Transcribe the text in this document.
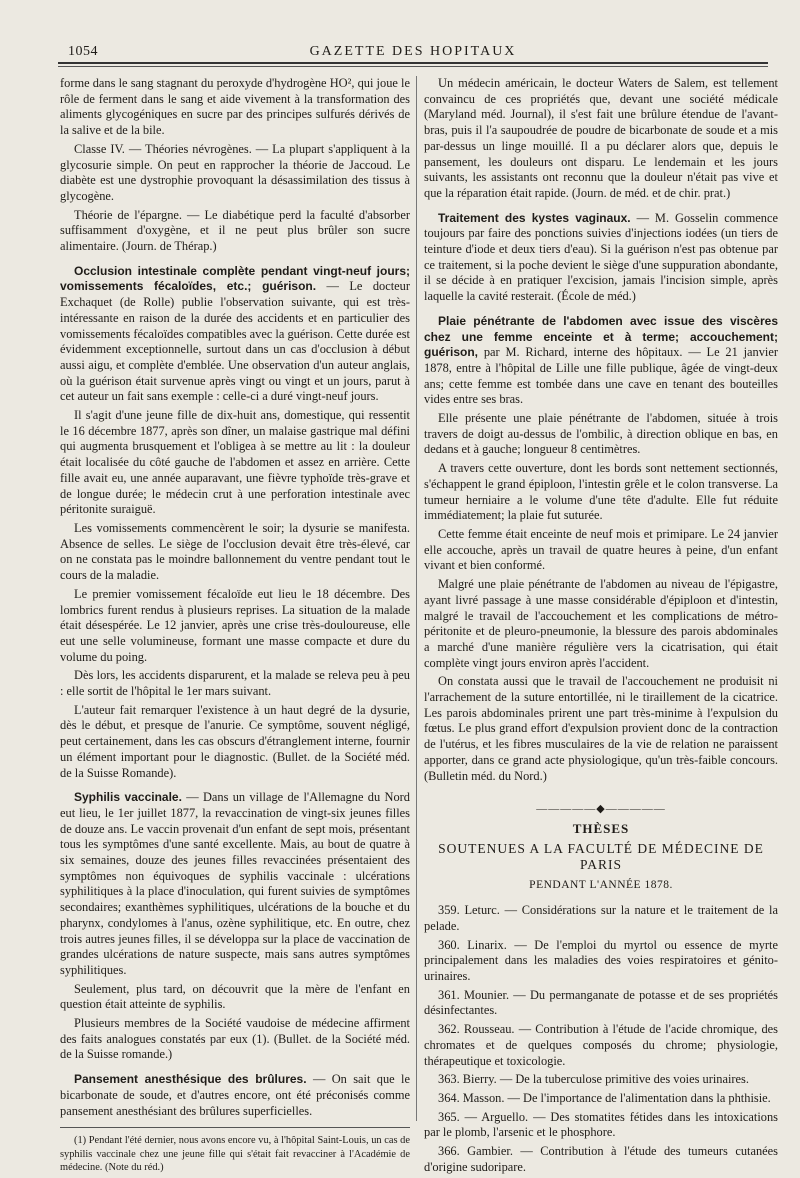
1054	GAZETTE DES HOPITAUX

forme dans le sang stagnant du peroxyde d'hydrogène HO², qui joue le rôle de ferment dans le sang et aide vivement à la transformation des aliments glycogéniques en sucre par des principes sulfurés dérivés de la salive et de la bile.

Classe IV. — Théories névrogènes. — La plupart s'appliquent à la glycosurie simple. On peut en rapprocher la théorie de Jaccoud. Le diabète est une dystrophie provoquant la désassimilation des tissus à glycogène.

Théorie de l'épargne. — Le diabétique perd la faculté d'absorber suffisamment d'oxygène, et il ne peut plus brûler son sucre alimentaire. (Journ. de Thérap.)

Occlusion intestinale complète pendant vingt-neuf jours; vomissements fécaloïdes, etc.; guérison. — Le docteur Exchaquet (de Rolle) publie l'observation suivante, qui est très-intéressante en raison de la durée des accidents et en particulier des vomissements fécaloïdes compatibles avec la guérison. Cette durée est évidemment exceptionnelle, surtout dans un cas d'occlusion à début aussi aigu, et complète d'emblée. Une observation d'un auteur anglais, où la guérison était survenue après vingt ou vingt et un jours, parut à cet auteur un fait sans exemple : celle-ci a duré vingt-neuf jours.

Il s'agit d'une jeune fille de dix-huit ans, domestique, qui ressentit le 16 décembre 1877, après son dîner, un malaise gastrique mal défini qui augmenta brusquement et l'obligea à se mettre au lit : la douleur était localisée du côté gauche de l'abdomen et assez en arrière. Cette fille avait eu, une année auparavant, une fièvre typhoïde très-grave et de longue durée; le médecin crut à une perforation intestinale avec péritonite suraiguë.

Les vomissements commencèrent le soir; la dysurie se manifesta. Absence de selles. Le siège de l'occlusion devait être très-élevé, car on ne constata pas le moindre ballonnement du ventre pendant tout le cours de la maladie.

Le premier vomissement fécaloïde eut lieu le 18 décembre. Des lombrics furent rendus à plusieurs reprises. La situation de la malade était désespérée. Le 12 janvier, après une crise très-douloureuse, elle eut une selle volumineuse, formant une masse compacte et dure du volume du poing.

Dès lors, les accidents disparurent, et la malade se releva peu à peu : elle sortit de l'hôpital le 1er mars suivant.

L'auteur fait remarquer l'existence à un haut degré de la dysurie, dès le début, et presque de l'anurie. Ce symptôme, souvent négligé, peut certainement, dans les cas obscurs d'étranglement interne, fournir un élément important pour le diagnostic. (Bullet. de la Société méd. de la Suisse Romande).

Syphilis vaccinale. — Dans un village de l'Allemagne du Nord eut lieu, le 1er juillet 1877, la revaccination de vingt-six jeunes filles de douze ans. Le vaccin provenait d'un enfant de sept mois, présentant tous les symptômes d'une santé excellente. Mais, au bout de quatre à six semaines, douze des jeunes filles revaccinées présentaient des symptômes non équivoques de syphilis vaccinale : ulcérations syphilitiques à la place d'inoculation, qui furent suivies de symptômes secondaires; exanthèmes syphilitiques, ulcérations de la bouche et du pharynx, condylomes à l'anus, ozène syphilitique, etc. En outre, chez trois autres jeunes filles, il se développa sur la place de vaccination de grandes ulcérations de nature suspecte, mais sans autres symptômes syphilitiques.

Seulement, plus tard, on découvrit que la mère de l'enfant en question était atteinte de syphilis.

Plusieurs membres de la Société vaudoise de médecine affirment des faits analogues constatés par eux (1). (Bullet. de la Société méd. de la Suisse romande.)

Pansement anesthésique des brûlures. — On sait que le bicarbonate de soude, et d'autres encore, ont été préconisés comme pansement anesthésiant des brûlures superficielles.

(1) Pendant l'été dernier, nous avons encore vu, à l'hôpital Saint-Louis, un cas de syphilis vaccinale chez une jeune fille qui s'était fait revacciner à l'Académie de médecine. (Note du réd.)

Un médecin américain, le docteur Waters de Salem, est tellement convaincu de ces propriétés que, devant une société médicale (Maryland méd. Journal), il s'est fait une brûlure étendue de l'avant-bras, puis il l'a saupoudrée de poudre de bicarbonate de soude et a mis par-dessus un linge mouillé. Il a pu déclarer alors que, depuis le pansement, les douleurs ont disparu. Le lendemain et les jours suivants, les assistants ont reconnu que la douleur n'était pas vive et que la réparation était rapide. (Journ. de méd. et de chir. prat.)

Traitement des kystes vaginaux. — M. Gosselin commence toujours par faire des ponctions suivies d'injections iodées (un tiers de teinture d'iode et deux tiers d'eau). Si la guérison n'est pas obtenue par ce traitement, si la poche devient le siège d'une suppuration abondante, il se décide à en pratiquer l'excision, jamais l'incision simple, après laquelle la cavité resterait. (École de méd.)

Plaie pénétrante de l'abdomen avec issue des viscères chez une femme enceinte et à terme; accouchement; guérison, par M. Richard, interne des hôpitaux. — Le 21 janvier 1878, entre à l'hôpital de Lille une fille publique, âgée de vingt-deux ans; cette femme est tombée dans une cave en tenant des bouteilles vides entre ses bras.

Elle présente une plaie pénétrante de l'abdomen, située à trois travers de doigt au-dessus de l'ombilic, à direction oblique en bas, en dedans et à gauche; longueur 8 centimètres.

A travers cette ouverture, dont les bords sont nettement sectionnés, s'échappent le grand épiploon, l'intestin grêle et le colon transverse. La tumeur herniaire a le volume d'une tête d'adulte. Elle fut réduite immédiatement; la plaie fut suturée.

Cette femme était enceinte de neuf mois et primipare. Le 24 janvier elle accouche, après un travail de quatre heures à peine, d'un enfant vivant et bien conformé.

Malgré une plaie pénétrante de l'abdomen au niveau de l'épigastre, ayant livré passage à une masse considérable d'épiploon et d'intestin, malgré le travail de l'accouchement et les complications de métro-péritonite et de pleuro-pneumonie, la blessure des parois abdominales a marché d'une manière régulière vers la cicatrisation, qui était complète vingt jours environ après l'accident.

On constata aussi que le travail de l'accouchement ne produisit ni l'arrachement de la suture entortillée, ni le tiraillement de la cicatrice. Les parois abdominales prirent une part très-minime à l'expulsion du fœtus. Le plus grand effort d'expulsion provient donc de la contraction de l'utérus, et les fibres musculaires de la vie de relation ne paraissent apporter, dans ce grand acte physiologique, qu'un très-faible concours. (Bulletin méd. du Nord.)

—————◆—————
THÈSES
SOUTENUES A LA FACULTÉ DE MÉDECINE DE PARIS
PENDANT L'ANNÉE 1878.

359. Leturc. — Considérations sur la nature et le traitement de la pelade.

360. Linarix. — De l'emploi du myrtol ou essence de myrte principalement dans les maladies des voies respiratoires et génito-urinaires.

361. Mounier. — Du permanganate de potasse et de ses propriétés désinfectantes.

362. Rousseau. — Contribution à l'étude de l'acide chromique, des chromates et de quelques composés du chrome; physiologie, thérapeutique et toxicologie.

363. Bierry. — De la tuberculose primitive des voies urinaires.

364. Masson. — De l'importance de l'alimentation dans la phthisie.

365. — Arguello. — Des stomatites fétides dans les intoxications par le plomb, l'arsenic et le phosphore.

366. Gambier. — Contribution à l'étude des tumeurs cutanées d'origine sudoripare.
